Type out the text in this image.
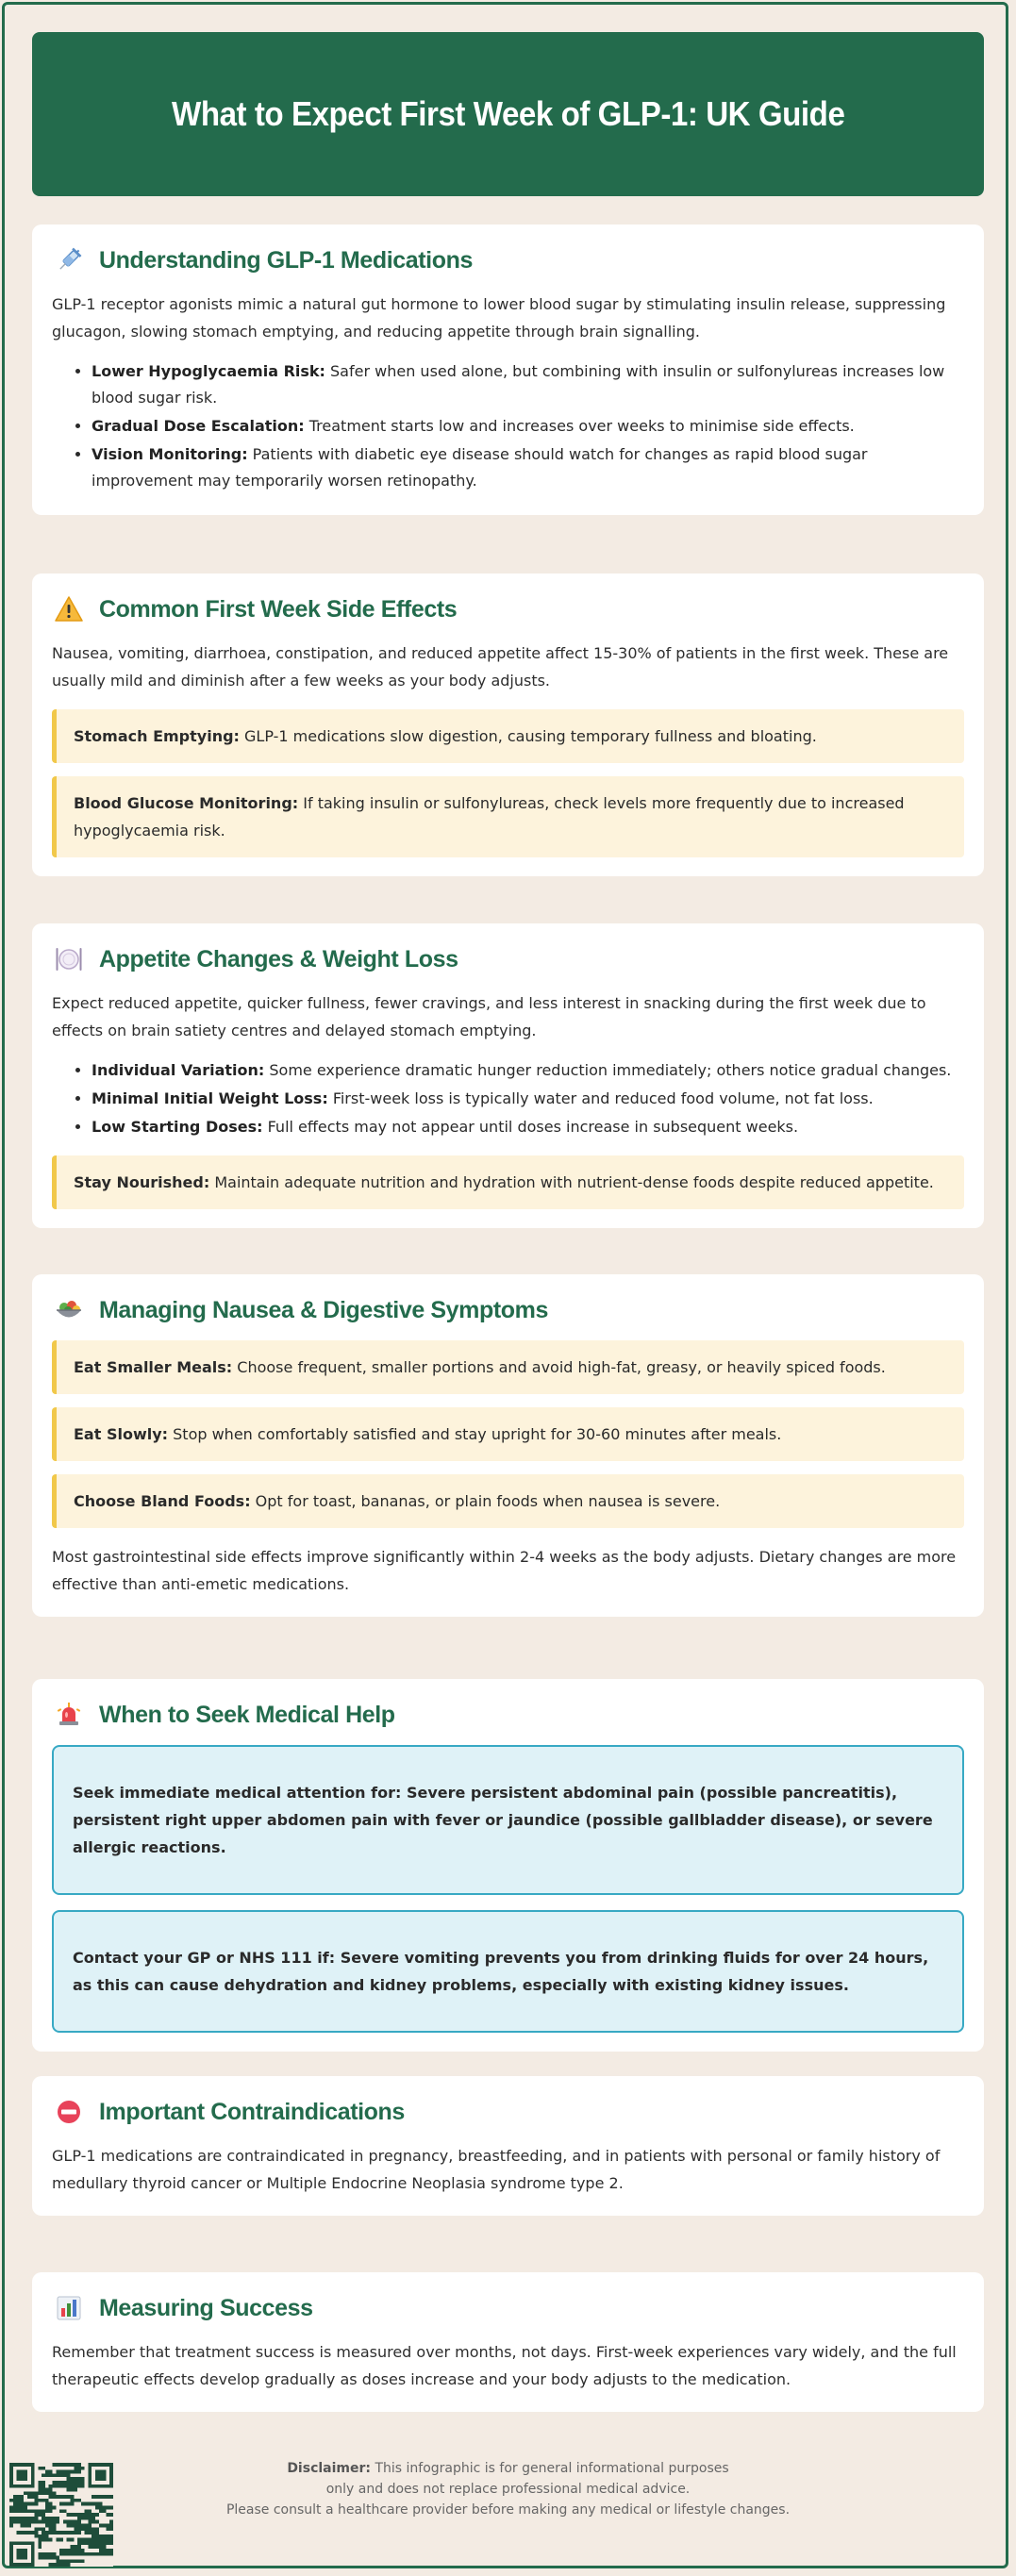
What to Expect First Week of GLP-1: UK Guide
Understanding GLP-1 Medications

GLP-1 receptor agonists mimic a natural gut hormone to lower blood sugar by stimulating insulin release, suppressing glucagon, slowing stomach emptying, and reducing appetite through brain signalling.

• Lower Hypoglycaemia Risk: Safer when used alone, but combining with insulin or sulfonylureas increases low blood sugar risk.
• Gradual Dose Escalation: Treatment starts low and increases over weeks to minimise side effects.
• Vision Monitoring: Patients with diabetic eye disease should watch for changes as rapid blood sugar improvement may temporarily worsen retinopathy.
Common First Week Side Effects

Nausea, vomiting, diarrhoea, constipation, and reduced appetite affect 15-30% of patients in the first week. These are usually mild and diminish after a few weeks as your body adjusts.

Stomach Emptying: GLP-1 medications slow digestion, causing temporary fullness and bloating.
Blood Glucose Monitoring: If taking insulin or sulfonylureas, check levels more frequently due to increased hypoglycaemia risk.
Appetite Changes & Weight Loss

Expect reduced appetite, quicker fullness, fewer cravings, and less interest in snacking during the first week due to effects on brain satiety centres and delayed stomach emptying.

• Individual Variation: Some experience dramatic hunger reduction immediately; others notice gradual changes.
• Minimal Initial Weight Loss: First-week loss is typically water and reduced food volume, not fat loss.
• Low Starting Doses: Full effects may not appear until doses increase in subsequent weeks.
Stay Nourished: Maintain adequate nutrition and hydration with nutrient-dense foods despite reduced appetite.
Managing Nausea & Digestive Symptoms
Eat Smaller Meals: Choose frequent, smaller portions and avoid high-fat, greasy, or heavily spiced foods.
Eat Slowly: Stop when comfortably satisfied and stay upright for 30-60 minutes after meals.
Choose Bland Foods: Opt for toast, bananas, or plain foods when nausea is severe.

Most gastrointestinal side effects improve significantly within 2-4 weeks as the body adjusts. Dietary changes are more effective than anti-emetic medications.

When to Seek Medical Help
Seek immediate medical attention for: Severe persistent abdominal pain (possible pancreatitis), persistent right upper abdomen pain with fever or jaundice (possible gallbladder disease), or severe allergic reactions.
Contact your GP or NHS 111 if: Severe vomiting prevents you from drinking fluids for over 24 hours, as this can cause dehydration and kidney problems, especially with existing kidney issues.
Important Contraindications

GLP-1 medications are contraindicated in pregnancy, breastfeeding, and in patients with personal or family history of medullary thyroid cancer or Multiple Endocrine Neoplasia syndrome type 2.

Measuring Success

Remember that treatment success is measured over months, not days. First-week experiences vary widely, and the full therapeutic effects develop gradually as doses increase and your body adjusts to the medication.

Disclaimer: This infographic is for general informational purposes
only and does not replace professional medical advice.
Please consult a healthcare provider before making any medical or lifestyle changes.
